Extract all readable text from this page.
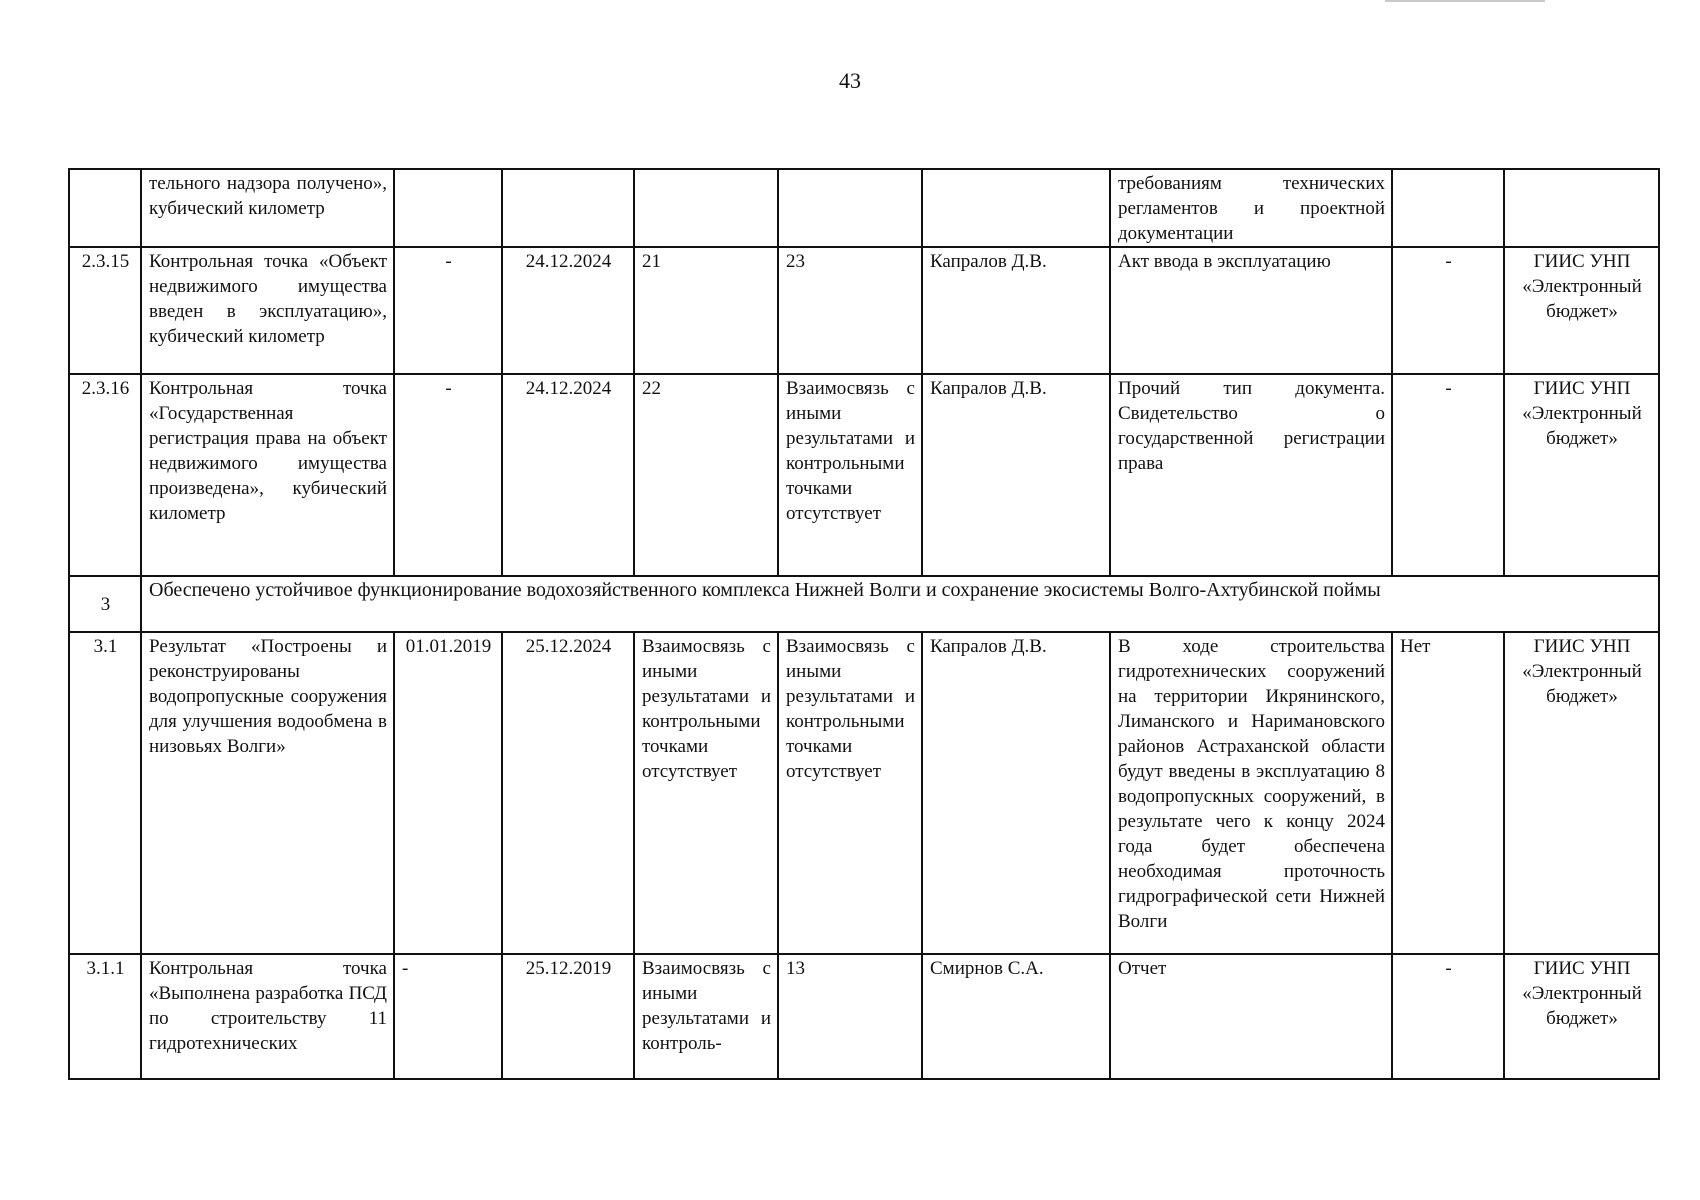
43
	тельного надзора получено», кубический километр						требованиям технических регламентов и проектной документации		
2.3.15	Контрольная точка «Объект недвижимого имущества введен в эксплуатацию», кубический километр	-	24.12.2024	21	23	Капралов Д.В.	Акт ввода в эксплуатацию	-	ГИИС УНП «Электронный бюджет»
2.3.16	Контрольная точка «Государственная регистрация права на объект недвижимого имущества произведена», кубический километр	-	24.12.2024	22	Взаимосвязь с иными результатами и контрольными точками отсутствует	Капралов Д.В.	Прочий тип документа. Свидетельство о государственной регистрации права	-	ГИИС УНП «Электронный бюджет»
3	Обеспечено устойчивое функционирование водохозяйственного комплекса Нижней Волги и сохранение экосистемы Волго-Ахтубинской поймы								
3.1	Результат «Построены и реконструированы водопропускные сооружения для улучшения водообмена в низовьях Волги»	01.01.2019	25.12.2024	Взаимосвязь с иными результатами и контрольными точками отсутствует	Взаимосвязь с иными результатами и контрольными точками отсутствует	Капралов Д.В.	В ходе строительства гидротехнических сооружений на территории Икрянинского, Лиманского и Наримановского районов Астраханской области будут введены в эксплуатацию 8 водопропускных сооружений, в результате чего к концу 2024 года будет обеспечена необходимая проточность гидрографической сети Нижней Волги	Нет	ГИИС УНП «Электронный бюджет»
3.1.1	Контрольная точка «Выполнена разработка ПСД по строительству 11 гидротехнических	-	25.12.2019	Взаимосвязь с иными результатами и контроль-	13	Смирнов С.А.	Отчет	-	ГИИС УНП «Электронный бюджет»
